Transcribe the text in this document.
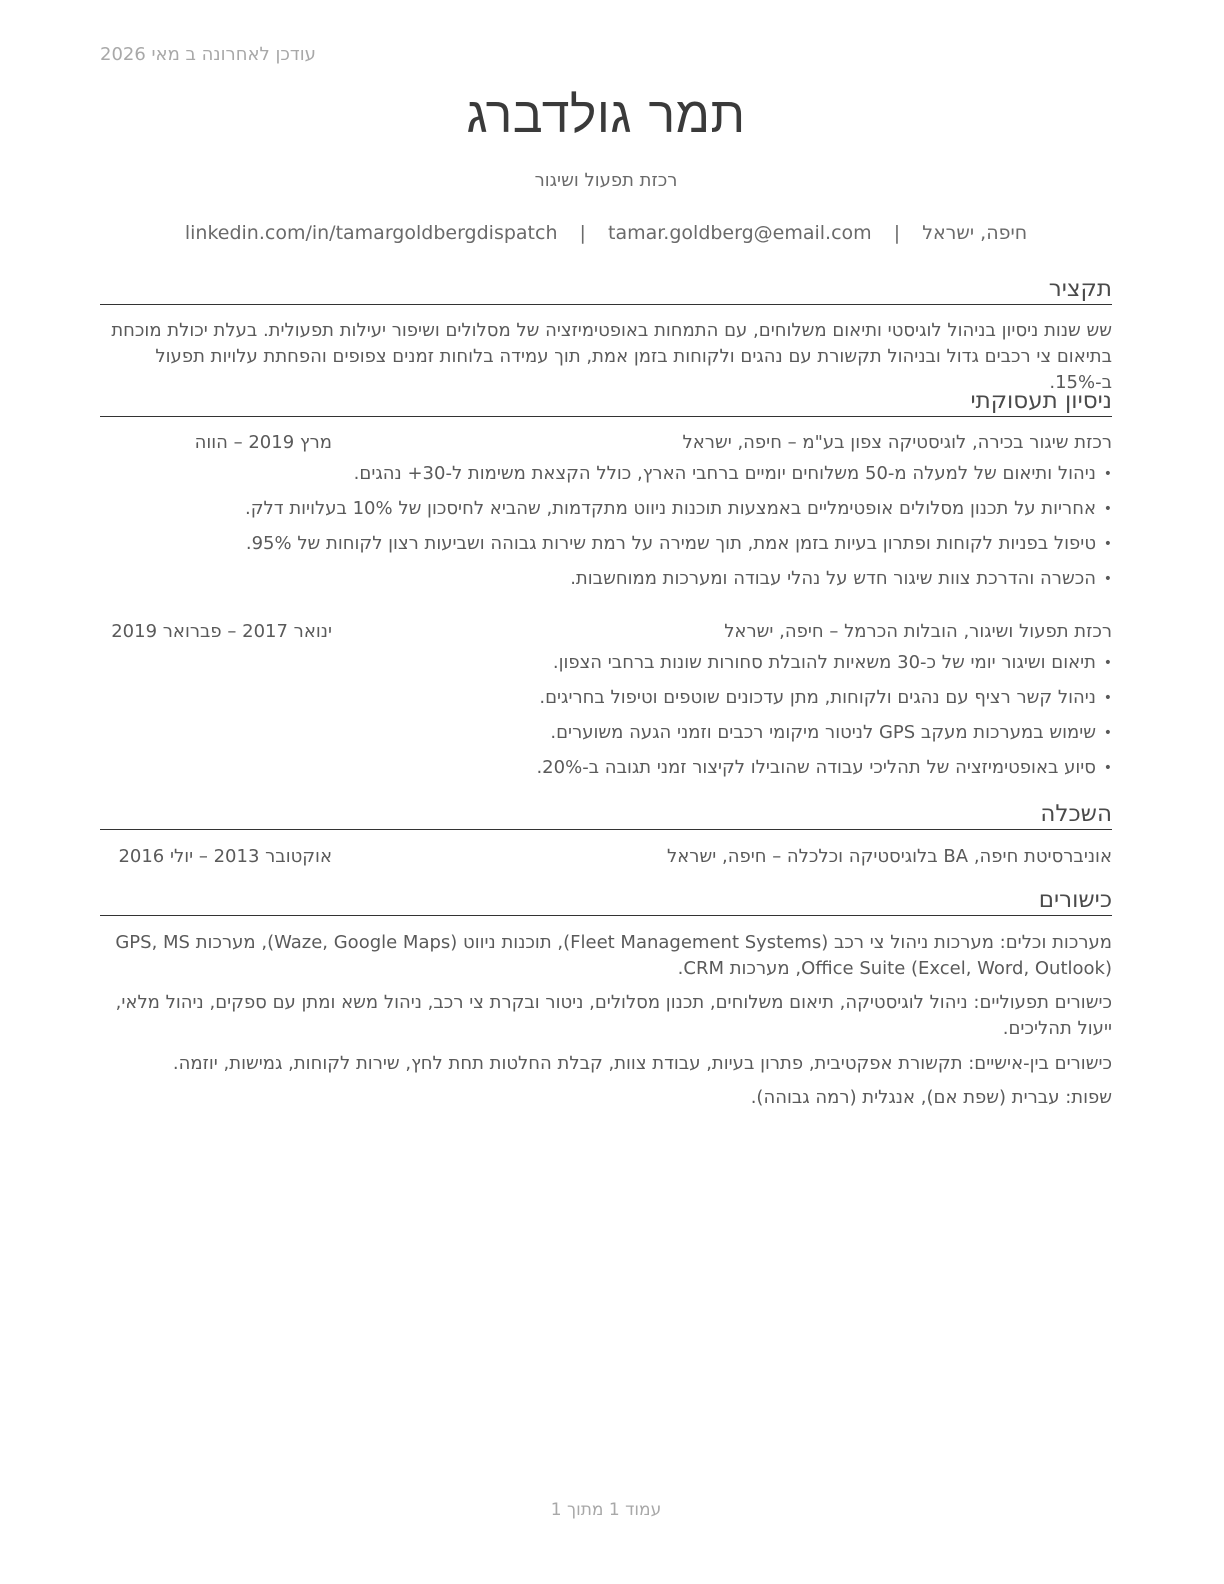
עודכן לאחרונה ב מאי 2026
תמר גולדברג
רכזת תפעול ושיגור
חיפה, ישראל | tamar.goldberg@email.com | linkedin.com/in/tamargoldbergdispatch
תקציר
שש שנות ניסיון בניהול לוגיסטי ותיאום משלוחים, עם התמחות באופטימיזציה של מסלולים ושיפור יעילות תפעולית. בעלת יכולת מוכחת בתיאום צי רכבים גדול ובניהול תקשורת עם נהגים ולקוחות בזמן אמת, תוך עמידה בלוחות זמנים צפופים והפחתת עלויות תפעול ב-15%.
ניסיון תעסוקתי
רכזת שיגור בכירה, לוגיסטיקה צפון בע"מ – חיפה, ישראל
מרץ 2019 – הווה
•
ניהול ותיאום של למעלה מ-50 משלוחים יומיים ברחבי הארץ, כולל הקצאת משימות ל-30+ נהגים.
•
אחריות על תכנון מסלולים אופטימליים באמצעות תוכנות ניווט מתקדמות, שהביא לחיסכון של 10% בעלויות דלק.
•
טיפול בפניות לקוחות ופתרון בעיות בזמן אמת, תוך שמירה על רמת שירות גבוהה ושביעות רצון לקוחות של 95%.
•
הכשרה והדרכת צוות שיגור חדש על נהלי עבודה ומערכות ממוחשבות.
רכזת תפעול ושיגור, הובלות הכרמל – חיפה, ישראל
ינואר 2017 – פברואר 2019
•
תיאום ושיגור יומי של כ-30 משאיות להובלת סחורות שונות ברחבי הצפון.
•
ניהול קשר רציף עם נהגים ולקוחות, מתן עדכונים שוטפים וטיפול בחריגים.
•
שימוש במערכות מעקב GPS לניטור מיקומי רכבים וזמני הגעה משוערים.
•
סיוע באופטימיזציה של תהליכי עבודה שהובילו לקיצור זמני תגובה ב-20%.
השכלה
אוניברסיטת חיפה, BA בלוגיסטיקה וכלכלה – חיפה, ישראל
אוקטובר 2013 – יולי 2016
כישורים
מערכות וכלים: מערכות ניהול צי רכב (Fleet Management Systems), תוכנות ניווט (Waze, Google Maps), מערכות GPS, MS Office Suite (Excel, Word, Outlook), מערכות CRM.
כישורים תפעוליים: ניהול לוגיסטיקה, תיאום משלוחים, תכנון מסלולים, ניטור ובקרת צי רכב, ניהול משא ומתן עם ספקים, ניהול מלאי, ייעול תהליכים.
כישורים בין-אישיים: תקשורת אפקטיבית, פתרון בעיות, עבודת צוות, קבלת החלטות תחת לחץ, שירות לקוחות, גמישות, יוזמה.
שפות: עברית (שפת אם), אנגלית (רמה גבוהה).
עמוד 1 מתוך 1
